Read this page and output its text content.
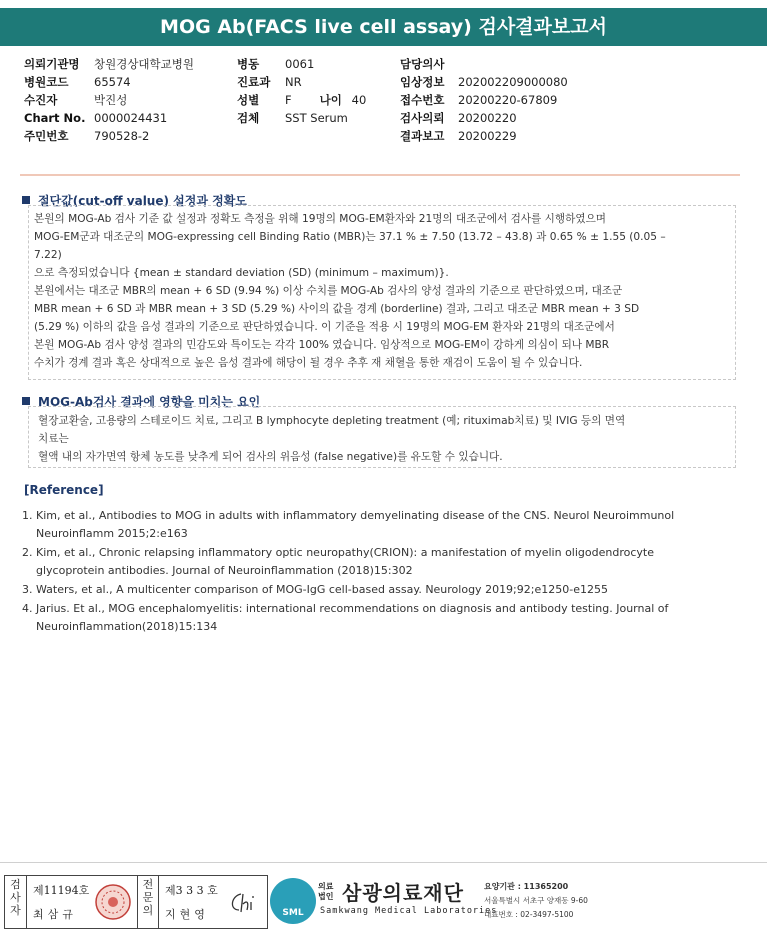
MOG Ab(FACS live cell assay) 검사결과보고서
의뢰기관명 창원경상대학교병원
병원코드 65574
수진자	박진성
Chart No. 0000024431
주민번호 790528-2
병동 0061
진료과 NR
성별 F 나이 40
검체 SST Serum
담당의사
임상정보 202002209000080
접수번호 20200220-67809
검사의뢰 20200220
결과보고 20200229
절단값(cut-off value) 설정과 정확도

본원의 MOG-Ab 검사 기준 값 설정과 정확도 측정을 위해 19명의 MOG-EM환자와 21명의 대조군에서 검사를 시행하였으며

MOG-EM군과 대조군의 MOG-expressing cell Binding Ratio (MBR)는 37.1 % ± 7.50 (13.72 – 43.8) 과 0.65 % ± 1.55 (0.05 –

7.22)

으로 측정되었습니다 {mean ± standard deviation (SD) (minimum – maximum)}.

본원에서는 대조군 MBR의 mean + 6 SD (9.94 %) 이상 수치를 MOG-Ab 검사의 양성 결과의 기준으로 판단하였으며, 대조군

MBR mean + 6 SD 과 MBR mean + 3 SD (5.29 %) 사이의 값을 경계 (borderline) 결과, 그리고 대조군 MBR mean + 3 SD

(5.29 %) 이하의 값을 음성 결과의 기준으로 판단하였습니다. 이 기준을 적용 시 19명의 MOG-EM 환자와 21명의 대조군에서

본원 MOG-Ab 검사 양성 결과의 민감도와 특이도는 각각 100% 였습니다. 임상적으로 MOG-EM이 강하게 의심이 되나 MBR

수치가 경계 결과 혹은 상대적으로 높은 음성 결과에 해당이 될 경우 추후 재 채혈을 통한 재검이 도움이 될 수 있습니다.

MOG-Ab검사 결과에 영향을 미치는 요인

혈장교환술, 고용량의 스테로이드 치료, 그리고 B lymphocyte depleting treatment (예; rituximab치료) 및 IVIG 등의 면역

치료는

혈액 내의 자가면역 항체 농도를 낮추게 되어 검사의 위음성 (false negative)를 유도할 수 있습니다.

[Reference]
1. Kim, et al., Antibodies to MOG in adults with inflammatory demyelinating disease of the CNS. Neurol Neuroimmunol
Neuroinflamm 2015;2:e163
2. Kim, et al., Chronic relapsing inflammatory optic neuropathy(CRION): a manifestation of myelin oligodendrocyte
glycoprotein antibodies. Journal of Neuroinflammation (2018)15:302
3. Waters, et al., A multicenter comparison of MOG-IgG cell-based assay. Neurology 2019;92;e1250-e1255
4. Jarius. Et al., MOG encephalomyelitis: international recommendations on diagnosis and antibody testing. Journal of
Neuroinflammation(2018)15:134
검사자
제11194호
최삼규
전문의
제3 3 3 호
지현영	SML
의료법인 삼광의료재단
Samkwang Medical Laboratories
요양기관 : 11365200
서울특별시 서초구 양재동 9-60
대표번호 : 02-3497-5100
